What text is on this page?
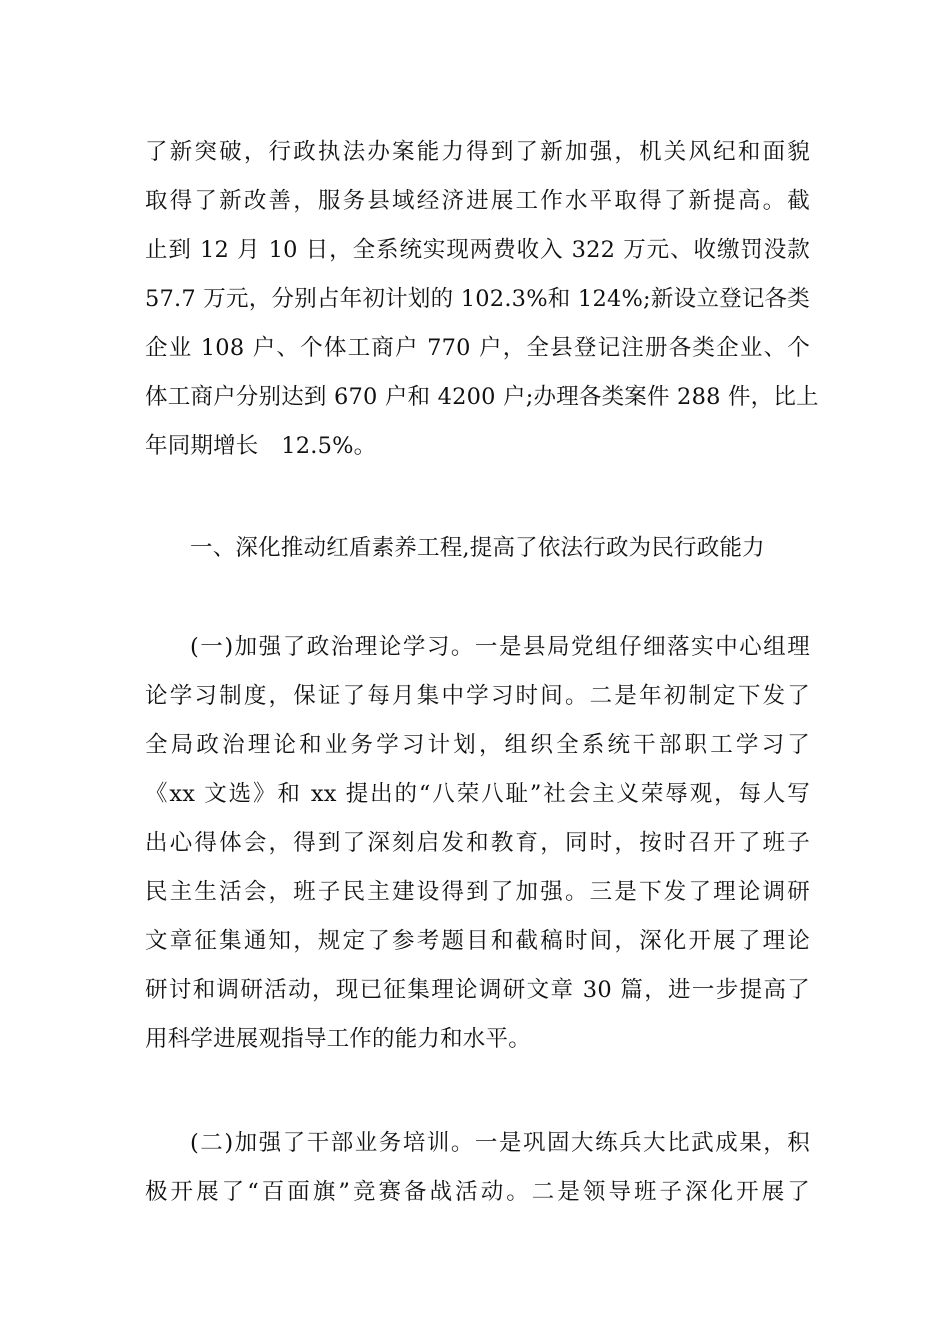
了新突破，行政执法办案能力得到了新加强，机关风纪和面貌
取得了新改善，服务县域经济进展工作水平取得了新提高。截
止到 12 月 10 日，全系统实现两费收入 322 万元、收缴罚没款
57.7 万元，分别占年初计划的 102.3%和 124%;新设立登记各类
企业 108 户、个体工商户 770 户，全县登记注册各类企业、个
体工商户分别达到 670 户和 4200 户;办理各类案件 288 件，比上
年同期增长　12.5%。
一、深化推动红盾素养工程,提高了依法行政为民行政能力
(一)加强了政治理论学习。一是县局党组仔细落实中心组理
论学习制度，保证了每月集中学习时间。二是年初制定下发了
全局政治理论和业务学习计划，组织全系统干部职工学习了
《xx 文选》和 xx 提出的“八荣八耻”社会主义荣辱观，每人写
出心得体会，得到了深刻启发和教育，同时，按时召开了班子
民主生活会，班子民主建设得到了加强。三是下发了理论调研
文章征集通知，规定了参考题目和截稿时间，深化开展了理论
研讨和调研活动，现已征集理论调研文章 30 篇，进一步提高了
用科学进展观指导工作的能力和水平。
(二)加强了干部业务培训。一是巩固大练兵大比武成果，积
极开展了“百面旗”竞赛备战活动。二是领导班子深化开展了
